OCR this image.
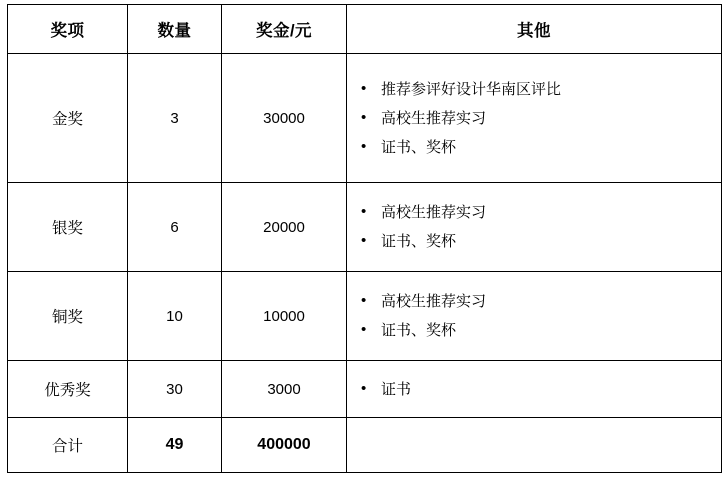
奖项	数量	奖金/元	其他
金奖	3	30000	
• 推荐参评好设计华南区评比
• 高校生推荐实习
• 证书、奖杯

银奖	6	20000	
• 高校生推荐实习
• 证书、奖杯

铜奖	10	10000	
• 高校生推荐实习
• 证书、奖杯

优秀奖	30	3000	
•证书

合计	49	400000	
